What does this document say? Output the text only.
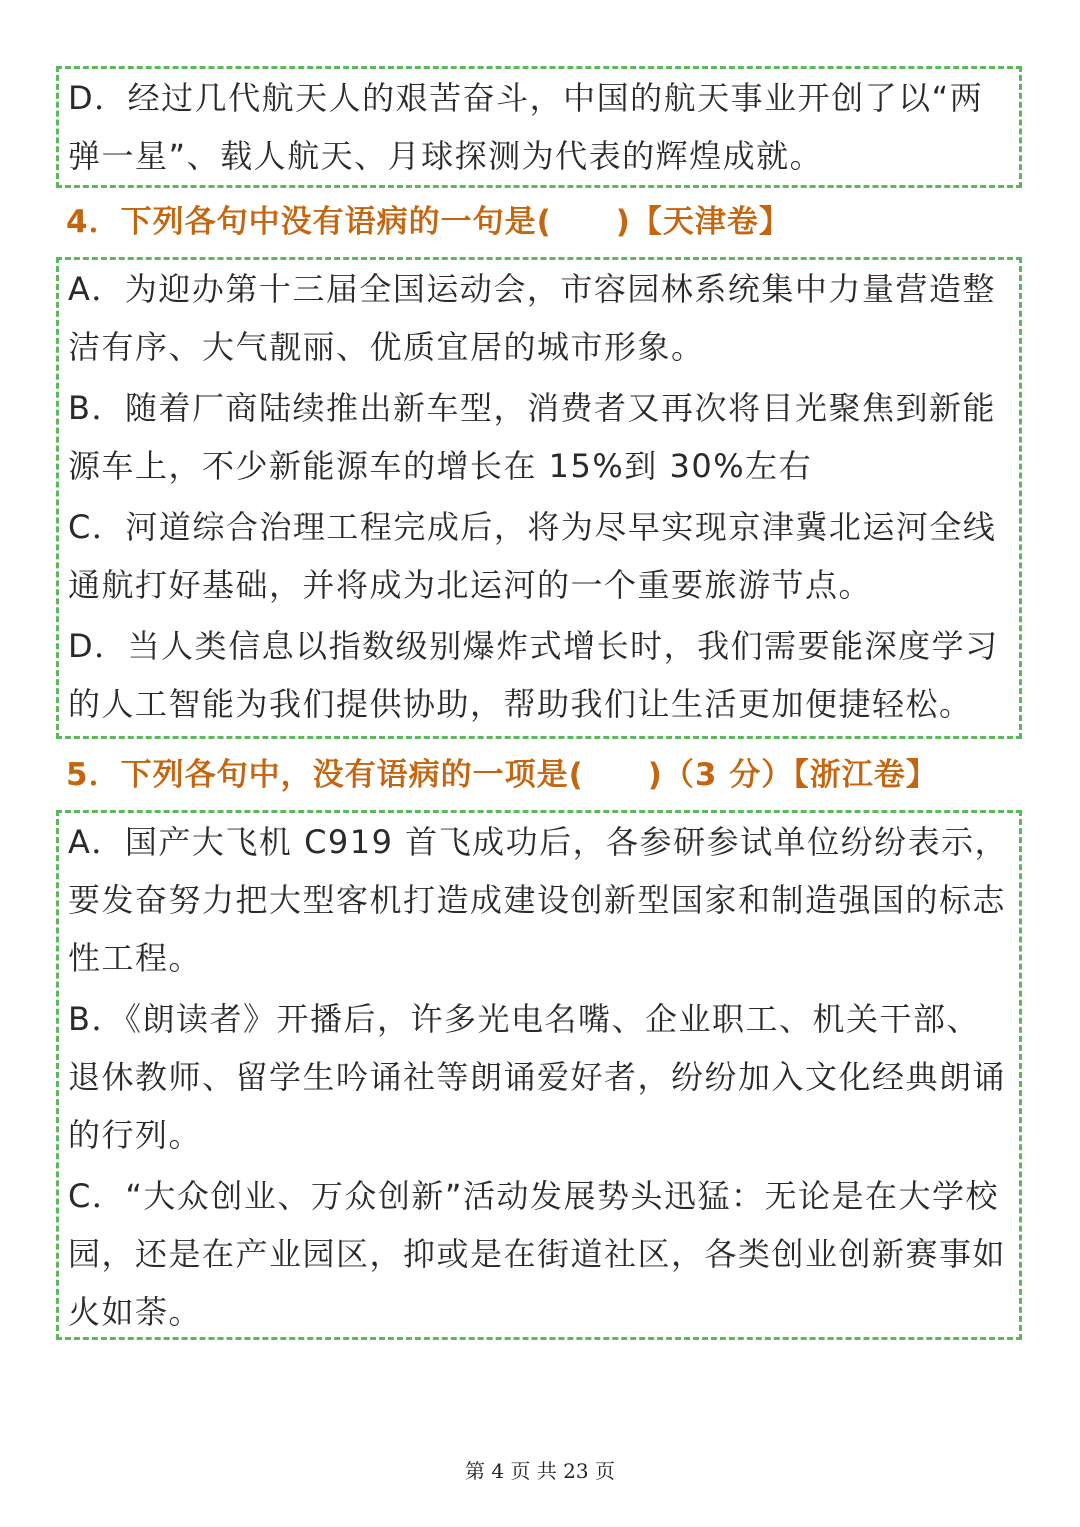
D．经过几代航天人的艰苦奋斗，中国的航天事业开创了以“两弹一星”、载人航天、月球探测为代表的辉煌成就。

4．下列各句中没有语病的一句是(　　)【天津卷】

A．为迎办第十三届全国运动会，市容园林系统集中力量营造整洁有序、大气靓丽、优质宜居的城市形象。

B．随着厂商陆续推出新车型，消费者又再次将目光聚焦到新能源车上，不少新能源车的增长在 15%到 30%左右

C．河道综合治理工程完成后，将为尽早实现京津冀北运河全线通航打好基础，并将成为北运河的一个重要旅游节点。

D．当人类信息以指数级别爆炸式增长时，我们需要能深度学习的人工智能为我们提供协助，帮助我们让生活更加便捷轻松。

5．下列各句中，没有语病的一项是(　　)（3 分）【浙江卷】

A．国产大飞机 C919 首飞成功后，各参研参试单位纷纷表示，要发奋努力把大型客机打造成建设创新型国家和制造强国的标志性工程。

B．《朗读者》开播后，许多光电名嘴、企业职工、机关干部、退休教师、留学生吟诵社等朗诵爱好者，纷纷加入文化经典朗诵的行列。

C．“大众创业、万众创新”活动发展势头迅猛：无论是在大学校园，还是在产业园区，抑或是在街道社区，各类创业创新赛事如火如荼。

第 4 页 共 23 页
